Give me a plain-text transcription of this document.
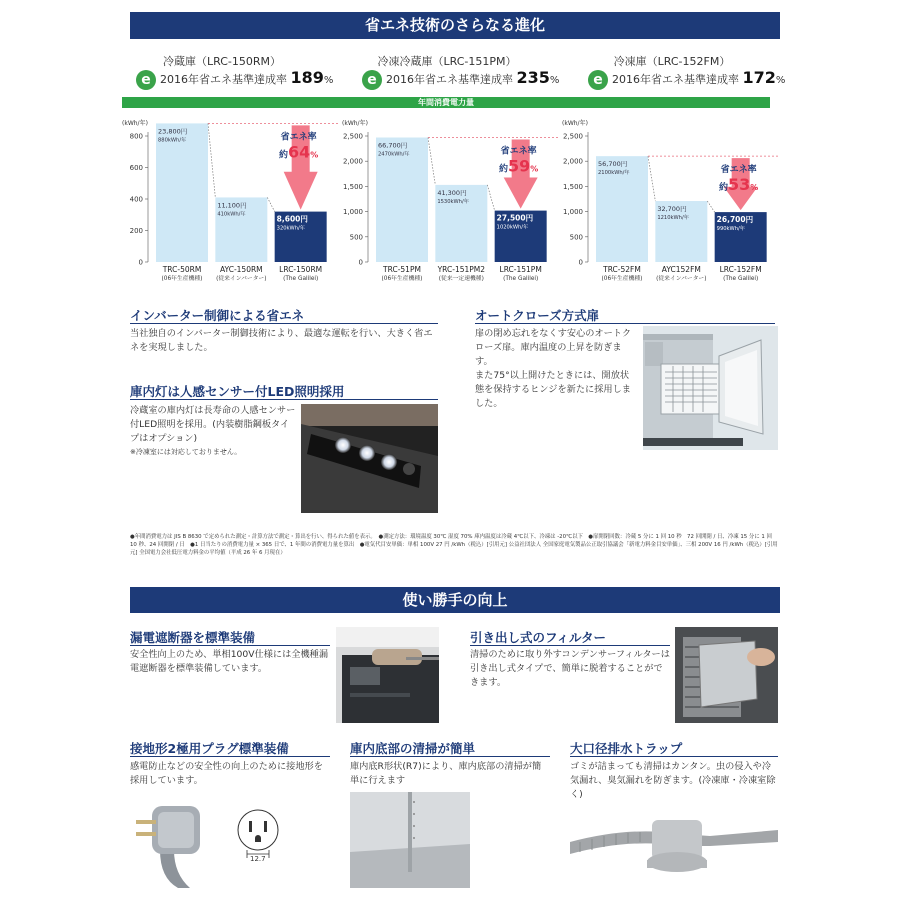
省エネ技術のさらなる進化
冷蔵庫（LRC-150RM）
e 2016年省エネ基準達成率 189%
冷凍冷蔵庫（LRC-151PM）
e 2016年省エネ基準達成率 235%
冷凍庫（LRC-152FM）
e 2016年省エネ基準達成率 172%
年間消費電力量
(kWh/年)
0
200
400
600
800
23,800円
880kWh/年
TRC-50RM
(06年生産機種)
11,100円
410kWh/年
AYC-150RM
(従来インバーター)
8,600円
320kWh/年
LRC-150RM
(The Galilei)
省エネ率
約64%
(kWh/年)
0
500
1,000
1,500
2,000
2,500
66,700円
2470kWh/年
TRC-51PM
(06年生産機種)
41,300円
1530kWh/年
YRC-151PM2
(従来一定速機種)
27,500円
1020kWh/年
LRC-151PM
(The Galilei)
省エネ率
約59%
(kWh/年)
0
500
1,000
1,500
2,000
2,500
56,700円
2100kWh/年
TRC-52FM
(06年生産機種)
32,700円
1210kWh/年
AYC152FM
(従来インバーター)
26,700円
990kWh/年
LRC-152FM
(The Galilei)
省エネ率
約53%
インバーター制御による省エネ
当社独自のインバーター制御技術により、最適な運転を行い、大きく省エネを実現しました。
オートクローズ方式扉
扉の閉め忘れをなくす安心のオートクローズ扉。庫内温度の上昇を防ぎます。
また75°以上開けたときには、開放状態を保持するヒンジを新たに採用しました。
庫内灯は人感センサー付LED照明採用
冷蔵室の庫内灯は長寿命の人感センサー付LED照明を採用。(内装樹脂鋼板タイプはオプション)
※冷凍室には対応しておりません。
●年間消費電力は JIS B 8630 で定められた測定・計算方法で測定・算出を行い、得られた値を表示。　●測定方法：環境温度 30℃ 湿度 70% 庫内温度は冷蔵 4℃以下、冷凍は -20℃以下　●扉開閉回数：冷蔵 5 分に 1 回 10 秒　72 回開閉 / 日、冷凍 15 分に 1 回 10 秒、24 回開閉 / 日　●1 日当たりの消費電力量 × 365 日で、1 年間の消費電力量を算出　●電気代目安単価：単相 100V 27 円 /kWh（税込）[引用元] 公益社団法人 全国家庭電気製品公正取引協議会「新電力料金目安単価」、三相 200V 16 円 /kWh（税込）[引用元] 全国電力会社低圧電力料金の平均値（平成 26 年 6 月現在）
使い勝手の向上
漏電遮断器を標準装備
安全性向上のため、単相100V仕様には全機種漏電遮断器を標準装備しています。
引き出し式のフィルター
清掃のために取り外すコンデンサーフィルターは引き出し式タイプで、簡単に脱着することができます。
接地形2極用プラグ標準装備
感電防止などの安全性の向上のために接地形を採用しています。
12.7
庫内底部の清掃が簡単
庫内底R形状(R7)により、庫内底部の清掃が簡単に行えます
大口径排水トラップ
ゴミが詰まっても清掃はカンタン。虫の侵入や冷気漏れ、臭気漏れを防ぎます。(冷凍庫・冷凍室除く)
